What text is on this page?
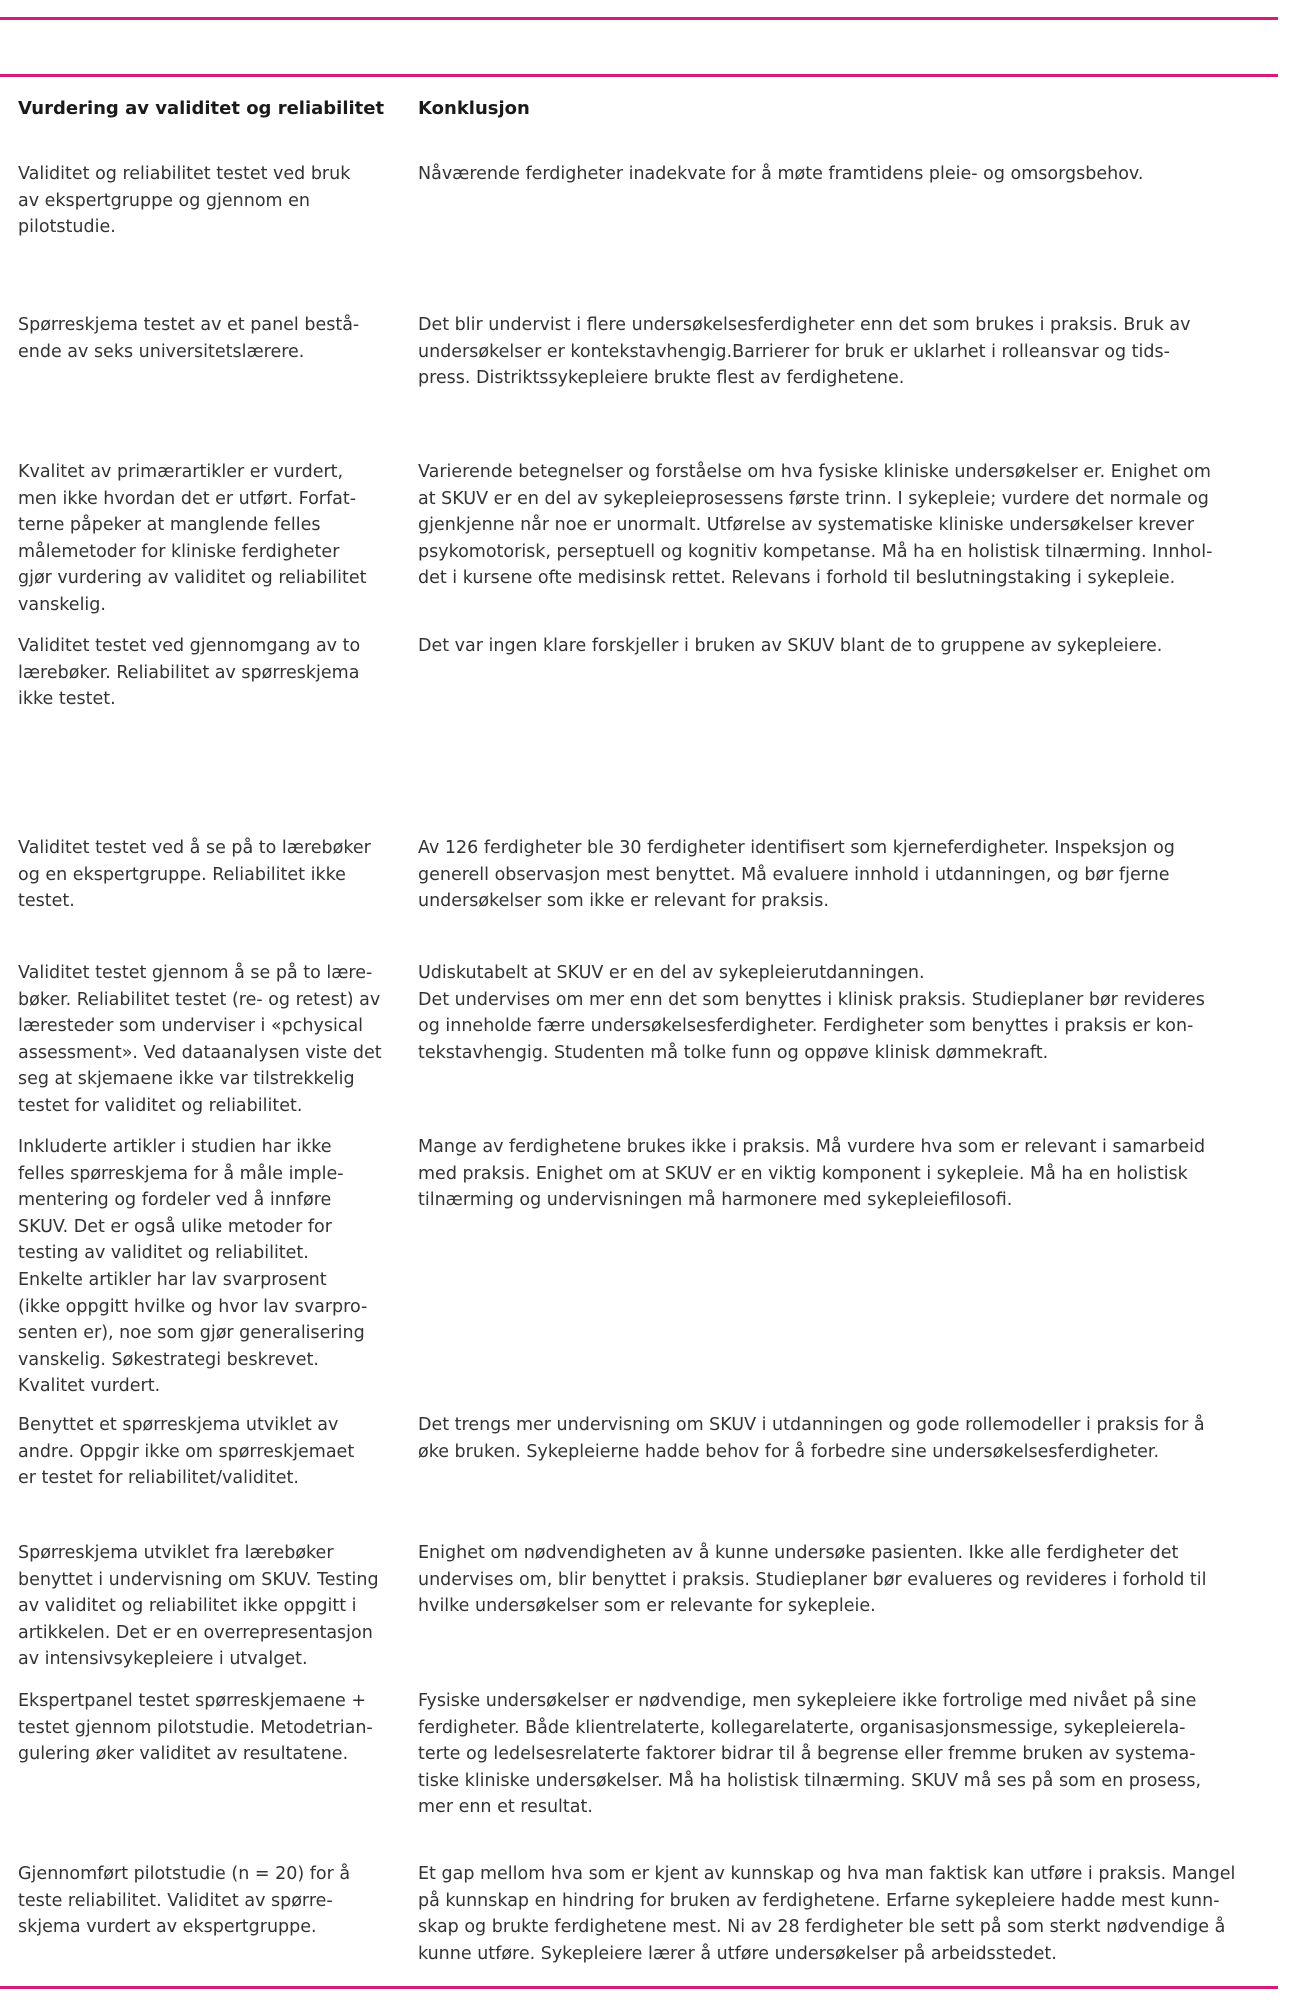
Vurdering av validitet og reliabilitet Konklusjon
Validitet og reliabilitet testet ved bruk
av ekspertgruppe og gjennom en
pilotstudie.
Nåværende ferdigheter inadekvate for å møte framtidens pleie- og omsorgsbehov.
Spørreskjema testet av et panel bestå-
ende av seks universitetslærere.
Det blir undervist i flere undersøkelsesferdigheter enn det som brukes i praksis. Bruk av
undersøkelser er kontekstavhengig.Barrierer for bruk er uklarhet i rolleansvar og tids-
press. Distriktssykepleiere brukte flest av ferdighetene.
Kvalitet av primærartikler er vurdert,
men ikke hvordan det er utført. Forfat-
terne påpeker at manglende felles
målemetoder for kliniske ferdigheter
gjør vurdering av validitet og reliabilitet
vanskelig.
Varierende betegnelser og forståelse om hva fysiske kliniske undersøkelser er. Enighet om
at SKUV er en del av sykepleieprosessens første trinn. I sykepleie; vurdere det normale og
gjenkjenne når noe er unormalt. Utførelse av systematiske kliniske undersøkelser krever
psykomotorisk, perseptuell og kognitiv kompetanse. Må ha en holistisk tilnærming. Innhol-
det i kursene ofte medisinsk rettet. Relevans i forhold til beslutningstaking i sykepleie.
Validitet testet ved gjennomgang av to
lærebøker. Reliabilitet av spørreskjema
ikke testet.
Det var ingen klare forskjeller i bruken av SKUV blant de to gruppene av sykepleiere.
Validitet testet ved å se på to lærebøker
og en ekspertgruppe. Reliabilitet ikke
testet.
Av 126 ferdigheter ble 30 ferdigheter identifisert som kjerneferdigheter. Inspeksjon og
generell observasjon mest benyttet. Må evaluere innhold i utdanningen, og bør fjerne
undersøkelser som ikke er relevant for praksis.
Validitet testet gjennom å se på to lære-
bøker. Reliabilitet testet (re- og retest) av
læresteder som underviser i «pchysical
assessment». Ved dataanalysen viste det
seg at skjemaene ikke var tilstrekkelig
testet for validitet og reliabilitet.
Udiskutabelt at SKUV er en del av sykepleierutdanningen.
Det undervises om mer enn det som benyttes i klinisk praksis. Studieplaner bør revideres
og inneholde færre undersøkelsesferdigheter. Ferdigheter som benyttes i praksis er kon-
tekstavhengig. Studenten må tolke funn og oppøve klinisk dømmekraft.
Inkluderte artikler i studien har ikke
felles spørreskjema for å måle imple-
mentering og fordeler ved å innføre
SKUV. Det er også ulike metoder for
testing av validitet og reliabilitet.
Enkelte artikler har lav svarprosent
(ikke oppgitt hvilke og hvor lav svarpro-
senten er), noe som gjør generalisering
vanskelig. Søkestrategi beskrevet.
Kvalitet vurdert.
Mange av ferdighetene brukes ikke i praksis. Må vurdere hva som er relevant i samarbeid
med praksis. Enighet om at SKUV er en viktig komponent i sykepleie. Må ha en holistisk
tilnærming og undervisningen må harmonere med sykepleiefilosofi.
Benyttet et spørreskjema utviklet av
andre. Oppgir ikke om spørreskjemaet
er testet for reliabilitet/validitet.
Det trengs mer undervisning om SKUV i utdanningen og gode rollemodeller i praksis for å
øke bruken. Sykepleierne hadde behov for å forbedre sine undersøkelsesferdigheter.
Spørreskjema utviklet fra lærebøker
benyttet i undervisning om SKUV. Testing
av validitet og reliabilitet ikke oppgitt i
artikkelen. Det er en overrepresentasjon
av intensivsykepleiere i utvalget.
Enighet om nødvendigheten av å kunne undersøke pasienten. Ikke alle ferdigheter det
undervises om, blir benyttet i praksis. Studieplaner bør evalueres og revideres i forhold til
hvilke undersøkelser som er relevante for sykepleie.
Ekspertpanel testet spørreskjemaene +
testet gjennom pilotstudie. Metodetrian-
gulering øker validitet av resultatene.
Fysiske undersøkelser er nødvendige, men sykepleiere ikke fortrolige med nivået på sine
ferdigheter. Både klientrelaterte, kollegarelaterte, organisasjonsmessige, sykepleierela-
terte og ledelsesrelaterte faktorer bidrar til å begrense eller fremme bruken av systema-
tiske kliniske undersøkelser. Må ha holistisk tilnærming. SKUV må ses på som en prosess,
mer enn et resultat.
Gjennomført pilotstudie (n = 20) for å
teste reliabilitet. Validitet av spørre-
skjema vurdert av ekspertgruppe.
Et gap mellom hva som er kjent av kunnskap og hva man faktisk kan utføre i praksis. Mangel
på kunnskap en hindring for bruken av ferdighetene. Erfarne sykepleiere hadde mest kunn-
skap og brukte ferdighetene mest. Ni av 28 ferdigheter ble sett på som sterkt nødvendige å
kunne utføre. Sykepleiere lærer å utføre undersøkelser på arbeidsstedet.
